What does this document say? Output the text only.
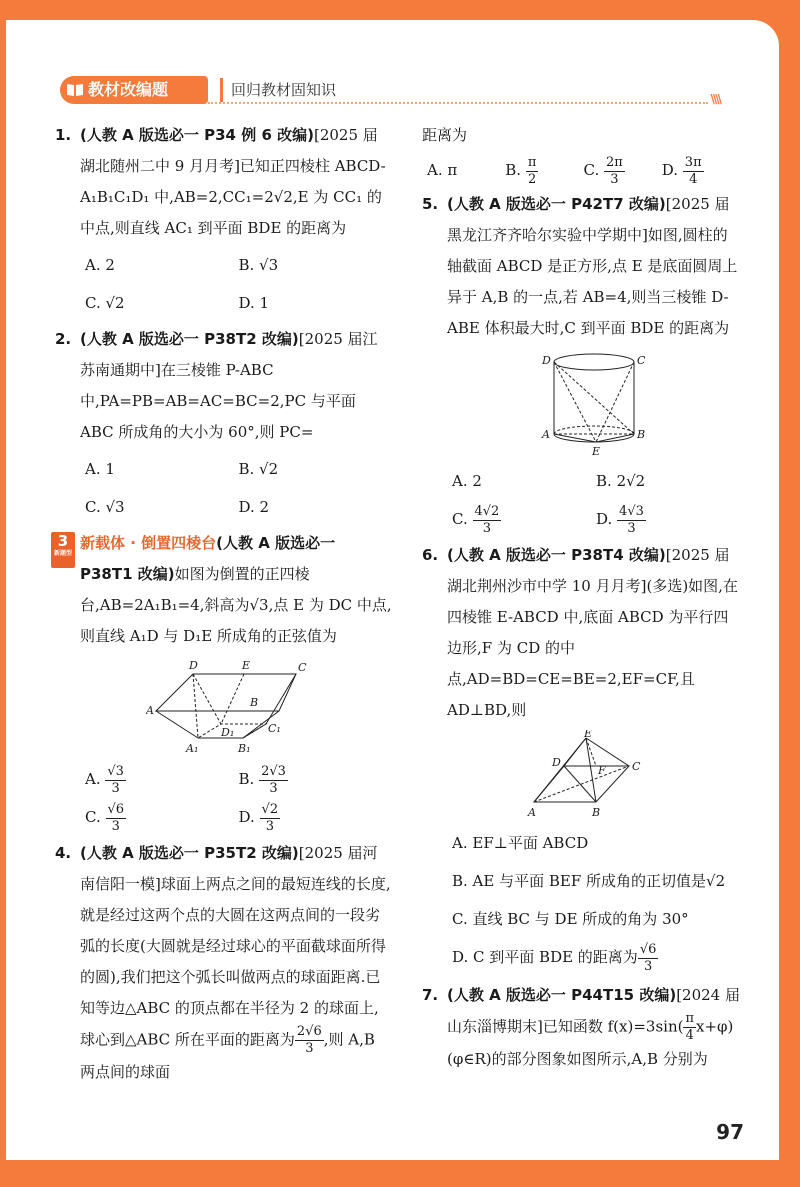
教材改编题	回归教材固知识	\\\\
1. (人教 A 版选必一 P34 例 6 改编)[2025 届湖北随州二中 9 月月考]已知正四棱柱 ABCD-A₁B₁C₁D₁ 中,AB=2,CC₁=2√2,E 为 CC₁ 的中点,则直线 AC₁ 到平面 BDE 的距离为
A. 2	B. √3
C. √2	D. 1
2. (人教 A 版选必一 P38T2 改编)[2025 届江苏南通期中]在三棱锥 P-ABC 中,PA=PB=AB=AC=BC=2,PC 与平面 ABC 所成角的大小为 60°,则 PC=
A. 1	B. √2
C. √3	D. 2
3
新题型
新载体 · 倒置四棱台(人教 A 版选必一 P38T1 改编)如图为倒置的正四棱台,AB=2A₁B₁=4,斜高为√3,点 E 为 DC 中点,则直线 A₁D 与 D₁E 所成角的正弦值为
D	E	C
A
B
D₁	C₁
A₁	B₁
A. $\frac{√3}{3}$	B. $\frac{2√3}{3}$
C. $\frac{√6}{3}$	D. $\frac{√2}{3}$
4. (人教 A 版选必一 P35T2 改编)[2025 届河南信阳一模]球面上两点之间的最短连线的长度,就是经过这两个点的大圆在这两点间的一段劣弧的长度(大圆就是经过球心的平面截球面所得的圆),我们把这个弧长叫做两点的球面距离.已知等边△ABC 的顶点都在半径为 2 的球面上,球心到△ABC 所在平面的距离为 $\frac{2√6}{3}$ ,则 A,B 两点间的球面
距离为
A. π	B. $\frac{\pi}{2}$	C. $\frac{2\pi}{3} D$. $\frac{3\pi}{4}$
5. (人教 A 版选必一 P42T7 改编)[2025 届黑龙江齐齐哈尔实验中学期中]如图,圆柱的轴截面 ABCD 是正方形,点 E 是底面圆周上异于 A,B 的一点,若 AB=4,则当三棱锥 D-ABE 体积最大时,C 到平面 BDE 的距离为
D	C
A	B
E
A. 2	B. 2√2
C. $\frac{4√2}{3}$	D. $\frac{4√3}{3}$
6. (人教 A 版选必一 P38T4 改编)[2025 届湖北荆州沙市中学 10 月月考](多选)如图,在四棱锥 E-ABCD 中,底面 ABCD 为平行四边形,F 为 CD 的中点,AD=BD=CE=BE=2,EF=CF,且 AD⊥BD,则
E
D
F C
A	B
A. EF⊥平面 ABCD
B. AE 与平面 BEF 所成角的正切值是√2
C. 直线 BC 与 DE 所成的角为 30°
D. C 到平面 BDE 的距离为 $\frac{√6}{3}$
7. (人教 A 版选必一 P44T15 改编)[2024 届山东淄博期末]已知函数 $f(x)=3\sin( \frac{\pi}{4}$ x+φ)(φ∈R)的部分图象如图所示,A,B 分别为
97
